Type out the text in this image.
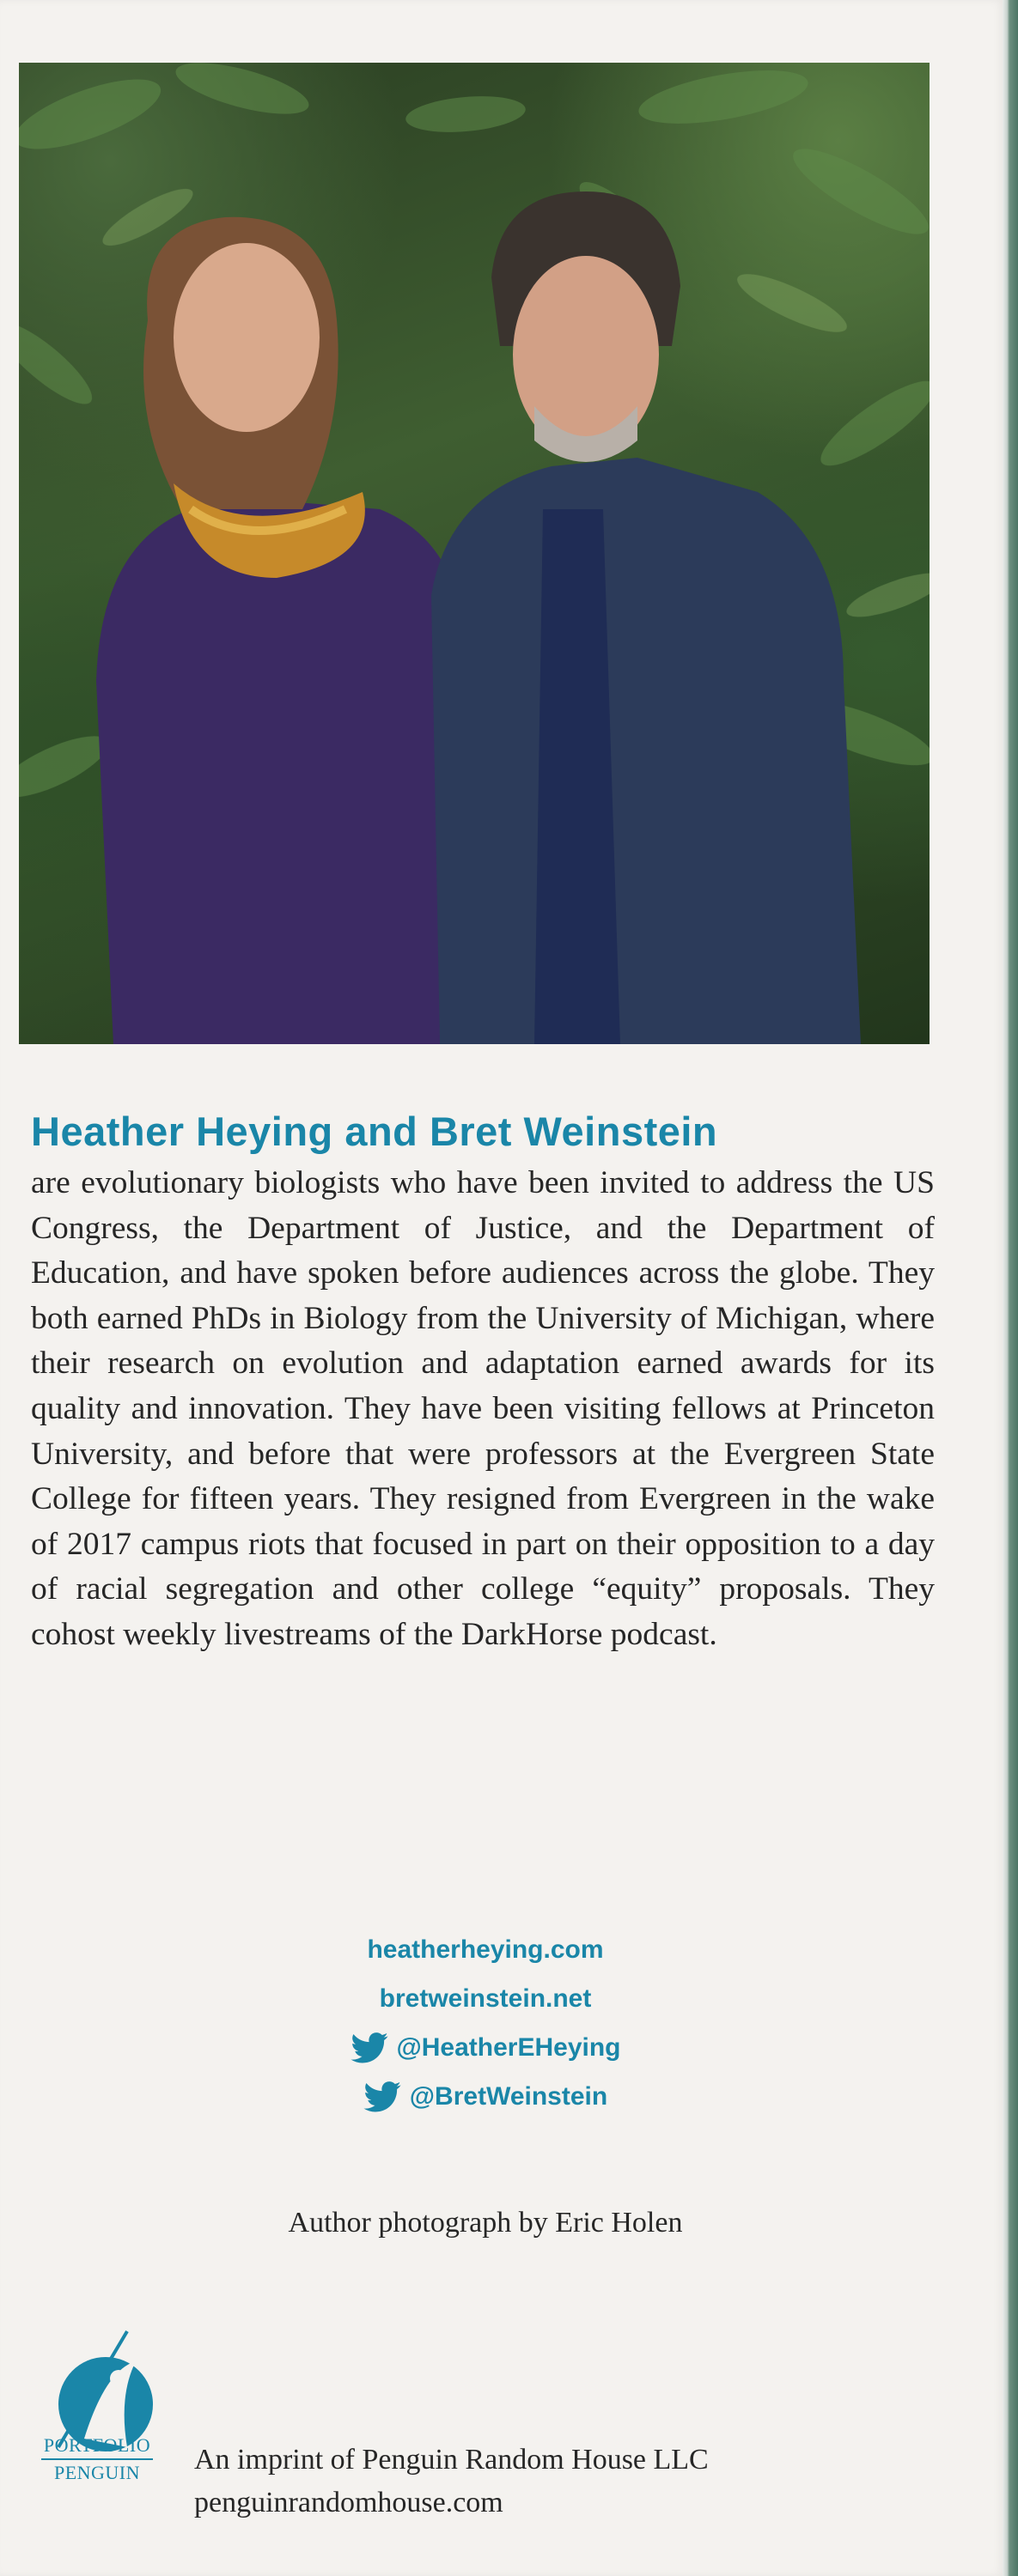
Heather Heying and Bret Weinstein
are evolutionary biologists who have been invited to address the US Congress, the Department of Justice, and the Department of Education, and have spoken before audiences across the globe. They both earned PhDs in Biology from the University of Michigan, where their research on evolution and adaptation earned awards for its quality and innovation. They have been visiting fellows at Princeton University, and before that were professors at the Evergreen State College for fifteen years. They resigned from Evergreen in the wake of 2017 campus riots that focused in part on their opposition to a day of racial segregation and other college “equity” proposals. They cohost weekly livestreams of the DarkHorse podcast.
heatherheying.com
bretweinstein.net
@HeatherEHeying
@BretWeinstein
Author photograph by Eric Holen
PORTFOLIO
PENGUIN	An imprint of Penguin Random House LLC
penguinrandomhouse.com
